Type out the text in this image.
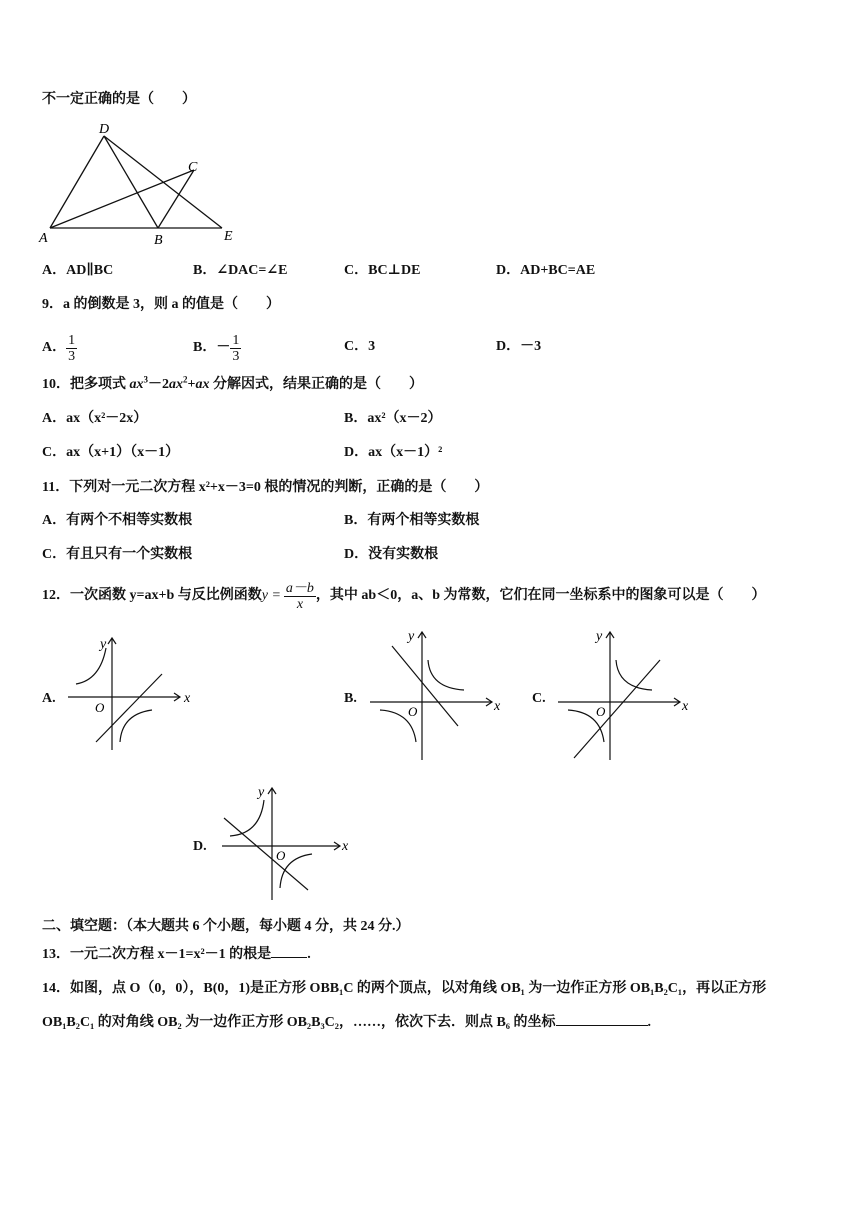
不一定正确的是（　　）
D
C
A	B	E
A．AD∥BC	B．∠DAC=∠E	C．BC⊥DE	D．AD+BC=AE
9．a 的倒数是 3，则 a 的值是（　　）
A． $\frac{1}{3}$	B．－ $\frac{1}{3}$	C．3	D．－3
10．把多项式 $ax^3-2ax^2+ax$ 分解因式，结果正确的是（　　）
A．ax（x²－2x）	B．ax²（x－2）
C．ax（x+1）（x－1）	D．ax（x－1）²
11．下列对一元二次方程 x²+x－3=0 根的情况的判断，正确的是（　　）
A．有两个不相等实数根	B．有两个相等实数根
C．有且只有一个实数根	D．没有实数根
12．一次函数 y=ax+b 与反比例函数 $y = \frac{a-b}{x}$ ，其中 ab＜0，a、b 为常数，它们在同一坐标系中的图象可以是（　　）
A.	x
y
O
B.
x
y
O
C.
x
y
O
D.	x
y
O
二、填空题：（本大题共 6 个小题，每小题 4 分，共 24 分.）
13．一元二次方程 x－1=x²－1 的根是	.
14．如图，点 O（0，0），B(0，1)是正方形 OBB₁C 的两个顶点，以对角线 OB₁ 为一边作正方形 OB₁B₂C₁，再以正方形
OB₁B₂C₁ 的对角线 OB₂ 为一边作正方形 OB₂B₃C₂，……，依次下去．则点 B₆ 的坐标	.
